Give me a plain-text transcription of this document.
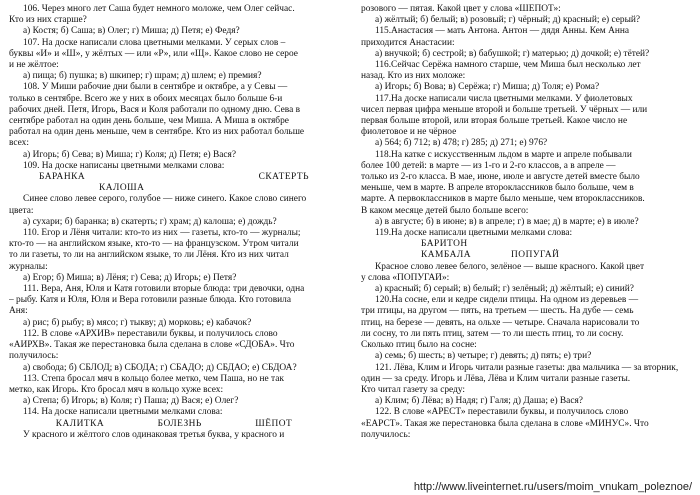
106. Через много лет Саша будет немного моложе, чем Олег сейчас.
Кто из них старше?
а) Костя; б) Саша; в) Олег; г) Миша; д) Петя; е) Федя?
107. На доске написали слова цветными мелками. У серых слов –
буквы «И» и «Ш», у жёлтых — или «Р», или «Щ». Какое слово не серое
и не жёлтое:
а) пища; б) пушка; в) шкипер; г) шрам; д) шлем; е) премия?
108. У Миши рабочие дни были в сентябре и октябре, а у Севы —
только в сентябре. Всего же у них в обоих месяцах было больше 6-и
рабочих дней. Петя, Игорь, Вася и Коля работали по одному дню. Сева в
сентябре работал на один день больше, чем Миша. А Миша в октябре
работал на один день меньше, чем в сентябре. Кто из них работал больше
всех:
а) Игорь; б) Сева; в) Миша; г) Коля; д) Петя; е) Вася?
109. На доске написаны цветными мелками слова:
БАРАНКА	СКАТЕРТЬ
КАЛОША
Синее слово левее серого, голубое — ниже синего. Какое слово синего
цвета:
а) сухари; б) баранка; в) скатерть; г) храм; д) калоша; е) дождь?
110. Егор и Лёня читали: кто-то из них — газеты, кто-то — журналы;
кто-то — на английском языке, кто-то — на французском. Утром читали
то ли газеты, то ли на английском языке, то ли Лёня. Кто из них читал
журналы:
а) Егор; б) Миша; в) Лёня; г) Сева; д) Игорь; е) Петя?
111. Вера, Аня, Юля и Катя готовили вторые блюда: три девочки, одна
– рыбу. Катя и Юля, Юля и Вера готовили разные блюда. Кто готовила
Аня:
а) рис; б) рыбу; в) мясо; г) тыкву; д) морковь; е) кабачок?
112. В слове «АРХИВ» переставили буквы, и получилось слово
«АИРХВ». Такая же перестановка была сделана в слове «СДОБА». Что
получилось:
а) свобода; б) СБЛОД; в) СБОДА; г) СБАДО; д) СБДАО; е) СБДОА?
113. Степа бросал мяч в кольцо более метко, чем Паша, но не так
метко, как Игорь. Кто бросал мяч в кольцо хуже всех:
а) Степа; б) Игорь; в) Коля; г) Паша; д) Вася; е) Олег?
114. На доске написали цветными мелками слова:
КАЛИТКА	БОЛЕЗНЬ	ШЁПОТ
У красного и жёлтого слов одинаковая третья буква, у красного и
розового — пятая. Какой цвет у слова «ШЁПОТ»:
а) жёлтый; б) белый; в) розовый; г) чёрный; д) красный; е) серый?
115.Анастасия — мать Антона. Антон — дядя Анны. Кем Анна
приходится Анастасии:
а) внучкой; б) сестрой; в) бабушкой; г) матерью; д) дочкой; е) тётей?
116.Сейчас Серёжа намного старше, чем Миша был несколько лет
назад. Кто из них моложе:
а) Игорь; б) Вова; в) Серёжа; г) Миша; д) Толя; е) Рома?
117.На доске написали числа цветными мелками. У фиолетовых
чисел первая цифра меньше второй и больше третьей. У чёрных — или
первая больше второй, или вторая больше третьей. Какое число не
фиолетовое и не чёрное
а) 564; б) 712; в) 478; г) 285; д) 271; е) 976?
118.На катке с искусственным льдом в марте и апреле побывали
более 100 детей: в марте — из 1-го и 2-го классов, а в апреле —
только из 2-го класса. В мае, июне, июле и августе детей вместе было
меньше, чем в марте. В апреле второклассников было больше, чем в
марте. А первоклассников в марте было меньше, чем второклассников.
В каком месяце детей было больше всего:
а) в августе; б) в июне; в) в апреле; г) в мае; д) в марте; е) в июле?
119.На доске написали цветными мелками слова:
БАРИТОН
КАМБАЛА	ПОПУГАЙ
Красное слово левее белого, зелёное — выше красного. Какой цвет
у слова «ПОПУГАЙ»:
а) красный; б) серый; в) белый; г) зелёный; д) жёлтый; е) синий?
120.На сосне, ели и кедре сидели птицы. На одном из деревьев —
три птицы, на другом — пять, на третьем — шесть. На дубе — семь
птиц, на березе — девять, на ольхе — четыре. Сначала нарисовали то
ли сосну, то ли пять птиц, затем — то ли шесть птиц, то ли сосну.
Сколько птиц было на сосне:
а) семь; б) шесть; в) четыре; г) девять; д) пять; е) три?
121. Лёва, Клим и Игорь читали разные газеты: два мальчика — за вторник,
один — за среду. Игорь и Лёва, Лёва и Клим читали разные газеты.
Кто читал газету за среду:
а) Клим; б) Лёва; в) Надя; г) Галя; д) Даша; е) Вася?
122. В слове «АРЕСТ» переставили буквы, и получилось слово
«ЕАРСТ». Такая же перестановка была сделана в слове «МИНУС». Что
получилось:
http://www.liveinternet.ru/users/moim_vnukam_poleznoe/
